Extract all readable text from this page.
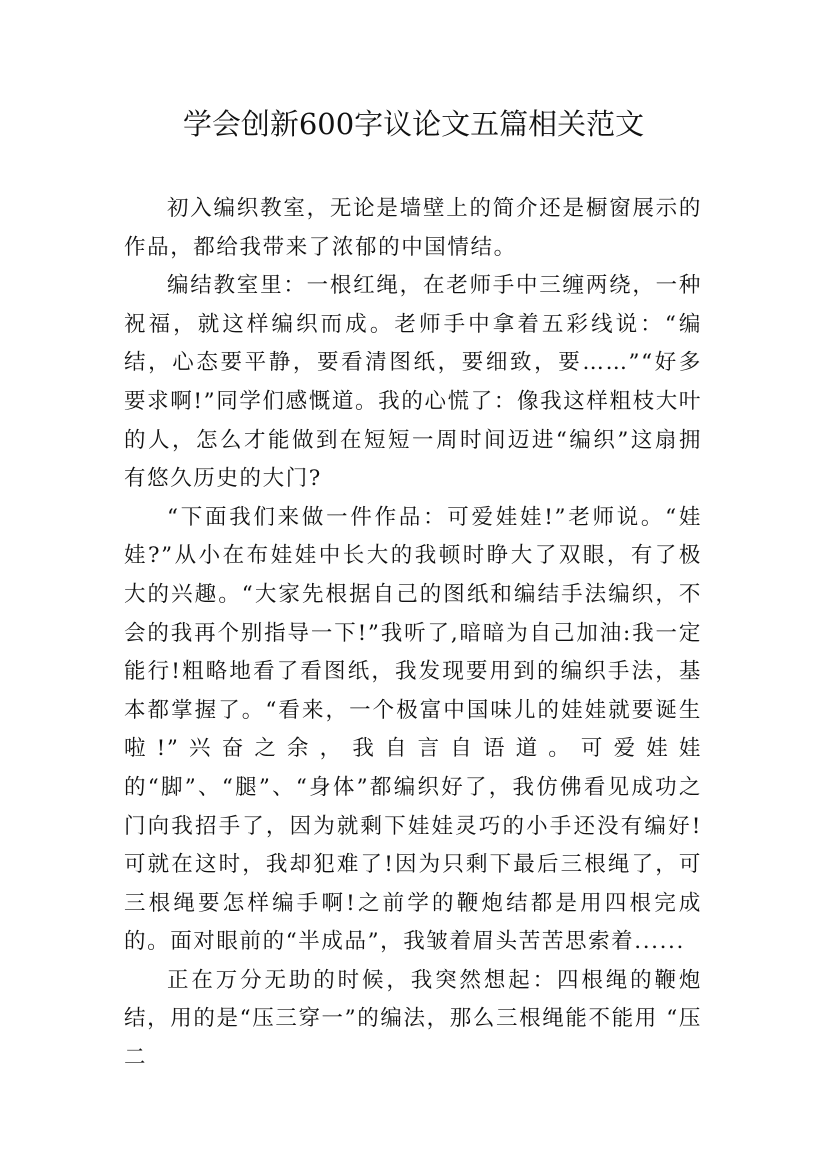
学会创新600字议论文五篇相关范文

初入编织教室，无论是墙壁上的简介还是橱窗展示的作品，都给我带来了浓郁的中国情结。

编结教室里：一根红绳，在老师手中三缠两绕，一种祝福，就这样编织而成。老师手中拿着五彩线说：“编结，心态要平静，要看清图纸，要细致，要……”“好多要求啊!”同学们感慨道。我的心慌了：像我这样粗枝大叶的人，怎么才能做到在短短一周时间迈进“编织”这扇拥有悠久历史的大门?

“下面我们来做一件作品：可爱娃娃!”老师说。“娃娃?”从小在布娃娃中长大的我顿时睁大了双眼，有了极大的兴趣。“大家先根据自己的图纸和编结手法编织，不会的我再个别指导一下!”我听了,暗暗为自己加油:我一定能行!粗略地看了看图纸，我发现要用到的编织手法，基本都掌握了。“看来，一个极富中国味儿的娃娃就要诞生啦!”兴奋之余，我自言自语道。可爱娃娃的“脚”、“腿”、“身体”都编织好了，我仿佛看见成功之门向我招手了，因为就剩下娃娃灵巧的小手还没有编好!可就在这时，我却犯难了!因为只剩下最后三根绳了，可三根绳要怎样编手啊!之前学的鞭炮结都是用四根完成的。面对眼前的“半成品”，我皱着眉头苦苦思索着......

正在万分无助的时候，我突然想起：四根绳的鞭炮结，用的是“压三穿一”的编法，那么三根绳能不能用 “压二
